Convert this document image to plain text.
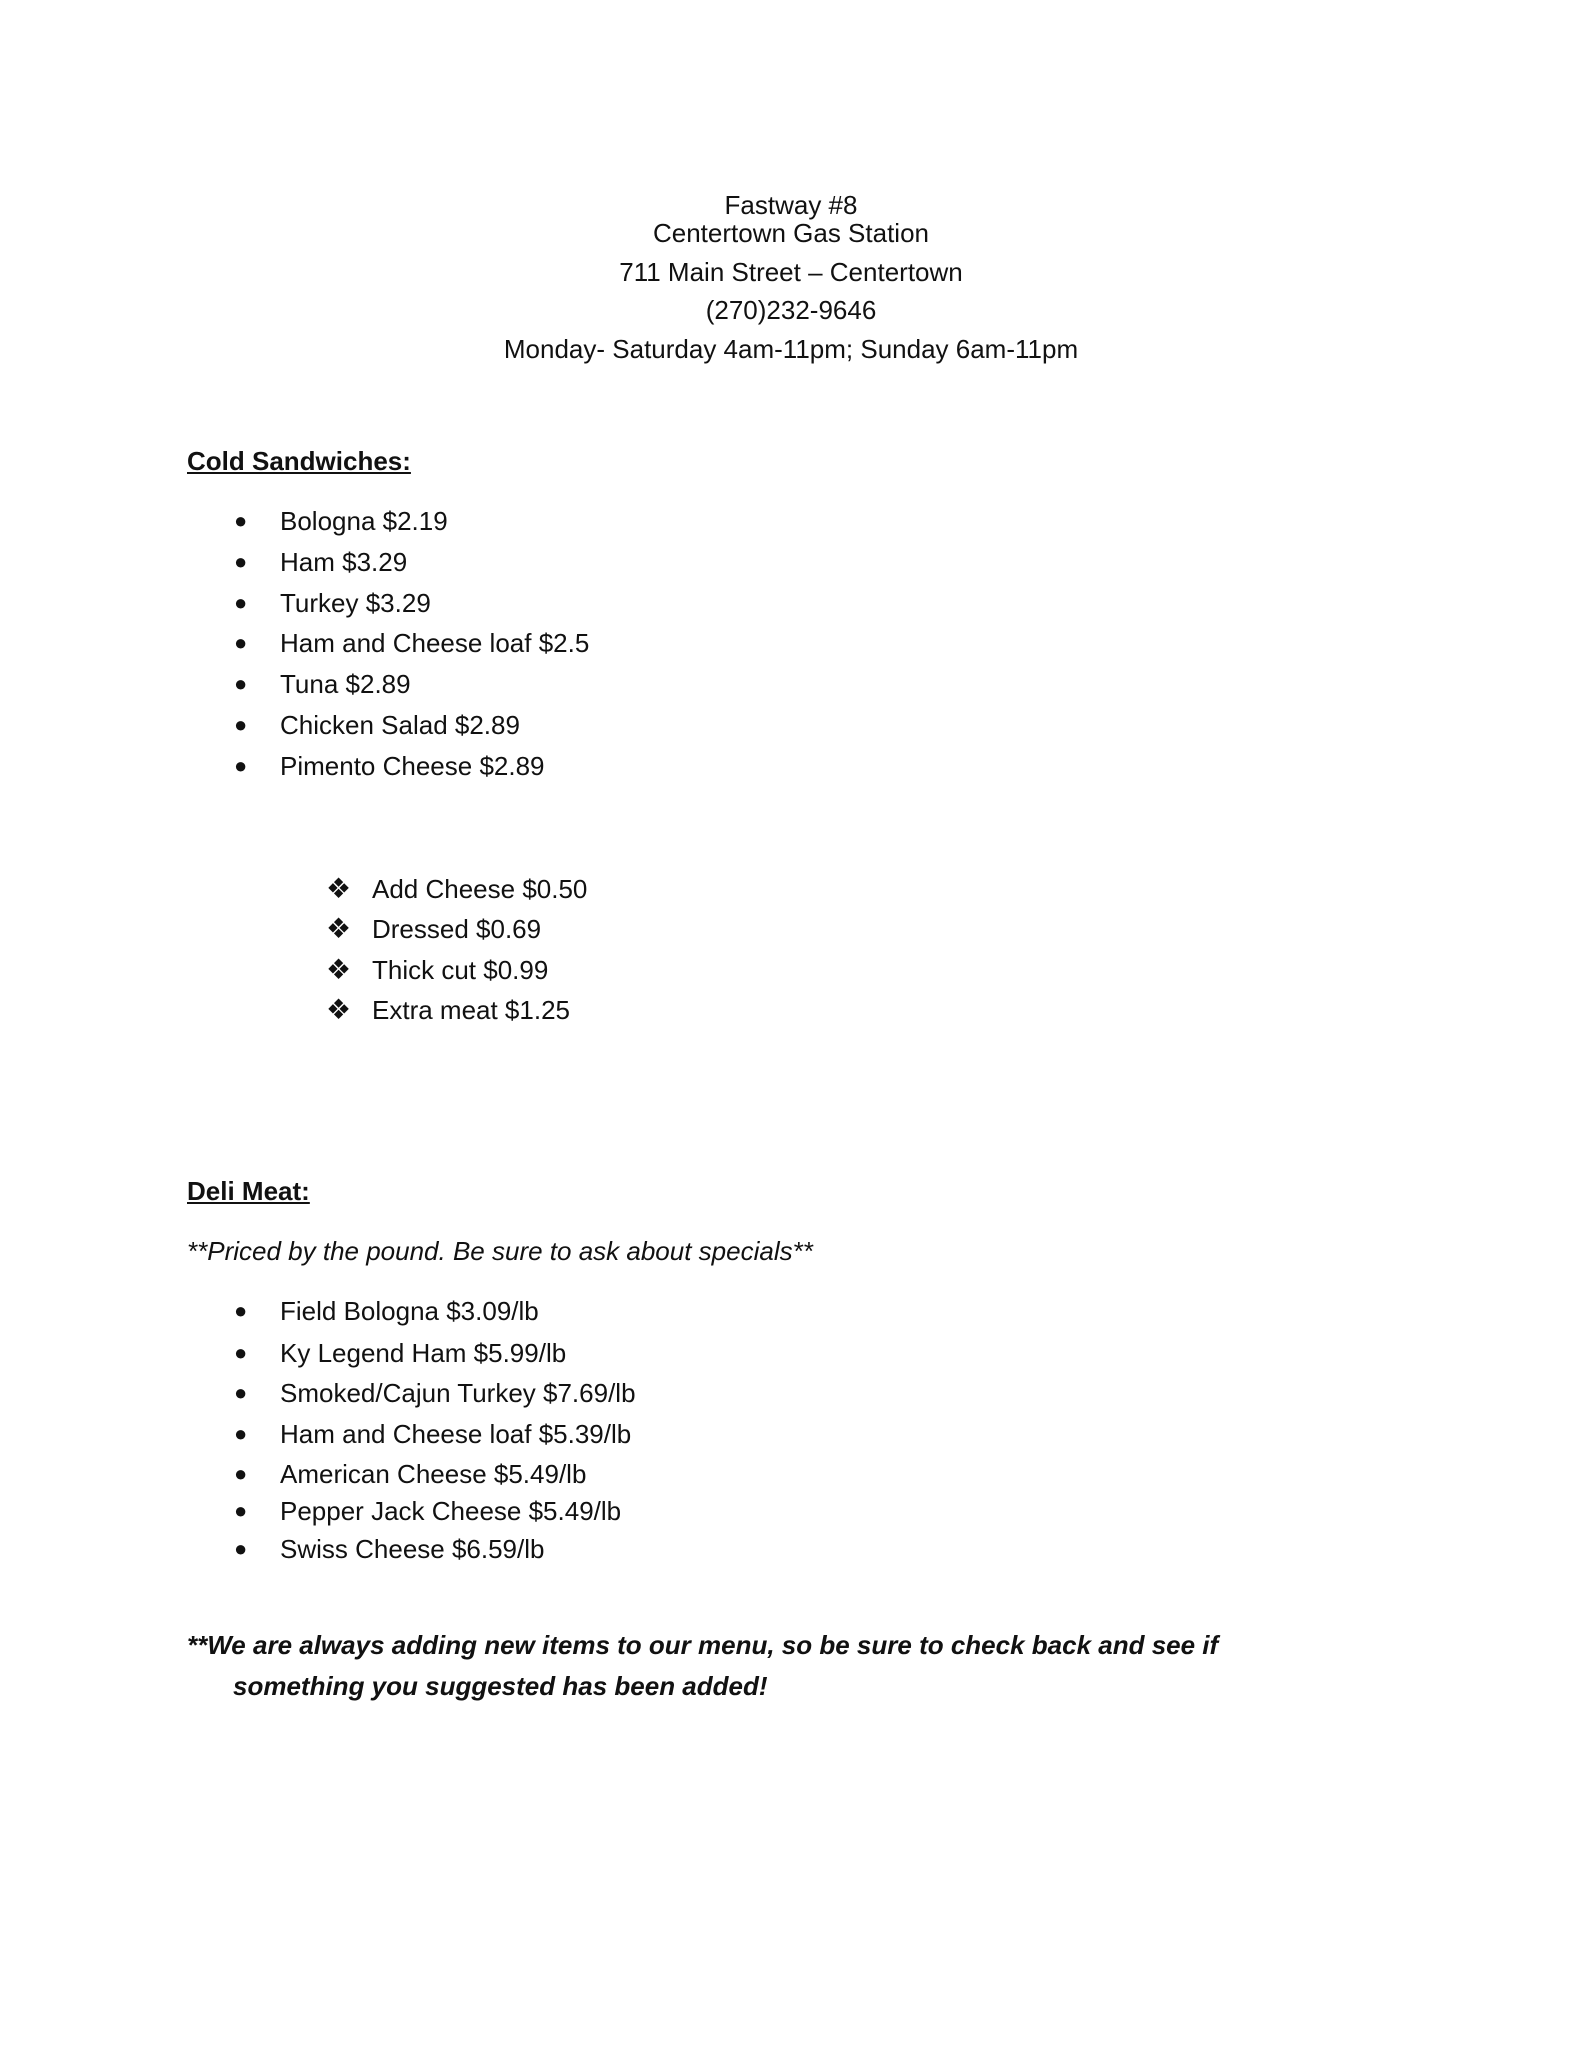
Fastway #8
Centertown Gas Station
711 Main Street – Centertown
(270)232-9646
Monday- Saturday 4am-11pm; Sunday 6am-11pm
Cold Sandwiches:
● Bologna $2.19
● Ham $3.29
● Turkey $3.29
● Ham and Cheese loaf $2.5
● Tuna $2.89
● Chicken Salad $2.89
● Pimento Cheese $2.89
❖ Add Cheese $0.50
❖ Dressed $0.69
❖ Thick cut $0.99
❖ Extra meat $1.25
Deli Meat:
**Priced by the pound. Be sure to ask about specials**
● Field Bologna $3.09/lb
● Ky Legend Ham $5.99/lb
● Smoked/Cajun Turkey $7.69/lb
● Ham and Cheese loaf $5.39/lb
● American Cheese $5.49/lb
● Pepper Jack Cheese $5.49/lb
● Swiss Cheese $6.59/lb
**We are always adding new items to our menu, so be sure to check back and see if
something you suggested has been added!
